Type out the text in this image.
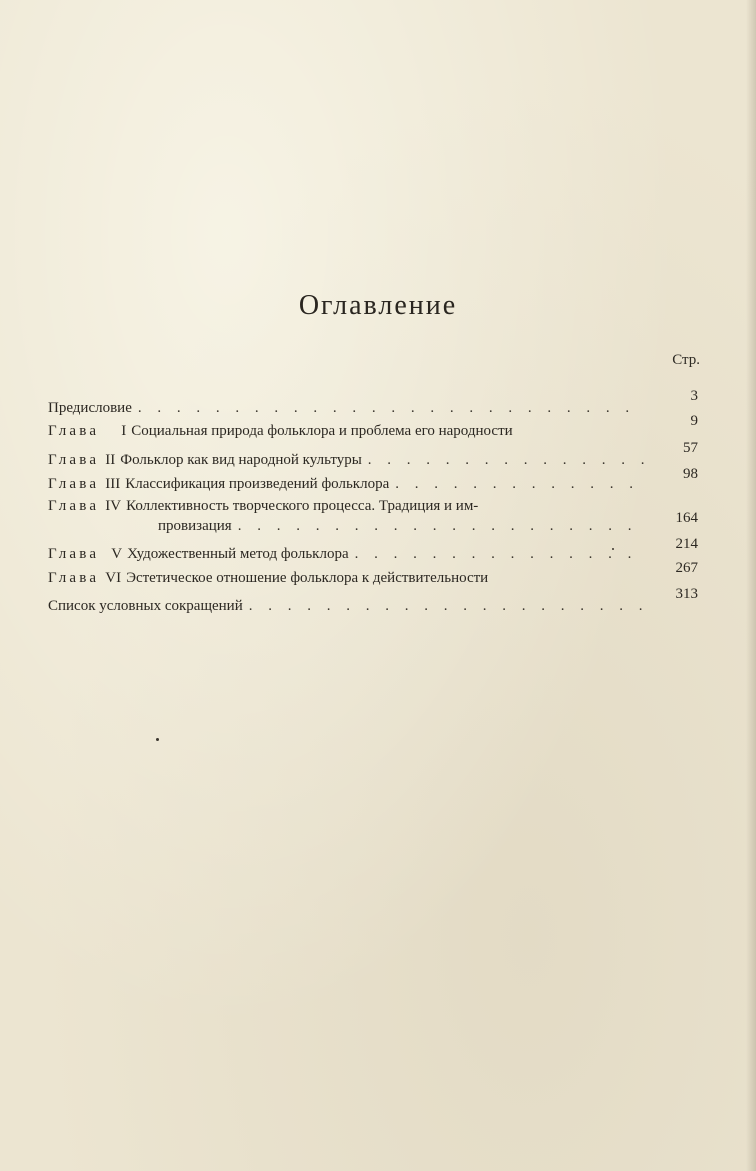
Оглавление
Стр.
Предисловие
. . .
3
Глава I Социальная природа фольклора и проблема его народности
9
Глава II Фольклор как вид народной культуры
. . .
57
Глава III Классификация произведений фольклора
. . .
98
Глава IV Коллективность творческого процесса. Традиция и им-
провизация
. . .	164
Глава V Художественный метод фольклора
. . .
214
Глава VI Эстетическое отношение фольклора к действительности
267
Список условных сокращений
. . .
313
